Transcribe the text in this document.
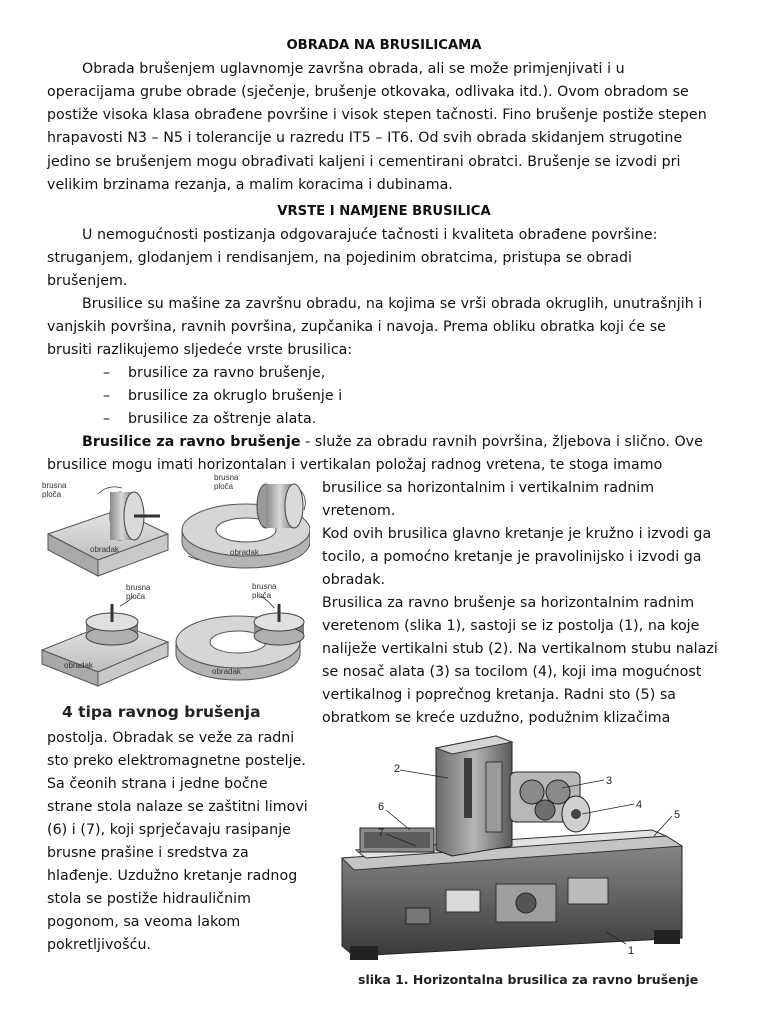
OBRADA NA BRUSILICAMA
Obrada brušenjem uglavnomje završna obrada, ali se može primjenjivati i u
operacijama grube obrade (sječenje, brušenje otkovaka, odlivaka itd.). Ovom obradom se
postiže visoka klasa obrađene površine i visok stepen tačnosti. Fino brušenje postiže stepen
hrapavosti N3 – N5 i tolerancije u razredu IT5 – IT6. Od svih obrada skidanjem strugotine
jedino se brušenjem mogu obrađivati kaljeni i cementirani obratci. Brušenje se izvodi pri
velikim brzinama rezanja, a malim koracima i dubinama.
VRSTE I NAMJENE BRUSILICA
U nemogućnosti postizanja odgovarajuće tačnosti i kvaliteta obrađene površine:
struganjem, glodanjem i rendisanjem, na pojedinim obratcima, pristupa se obradi
brušenjem.
Brusilice su mašine za završnu obradu, na kojima se vrši obrada okruglih, unutrašnjih i
vanjskih površina, ravnih površina, zupčanika i navoja. Prema obliku obratka koji će se
brusiti razlikujemo sljedeće vrste brusilica:
– brusilice za ravno brušenje,
– brusilice za okruglo brušenje i
– brusilice za oštrenje alata.
Brusilice za ravno brušenje - služe za obradu ravnih površina, žljebova i slično. Ove
brusilice mogu imati horizontalan i vertikalan položaj radnog vretena, te stoga imamo
brusilice sa horizontalnim i vertikalnim radnim
vretenom.
Kod ovih brusilica glavno kretanje je kružno i izvodi ga
tocilo, a pomoćno kretanje je pravolinijsko i izvodi ga
obradak.
Brusilica za ravno brušenje sa horizontalnim radnim
veretenom (slika 1), sastoji se iz postolja (1), na koje
naliježe vertikalni stub (2). Na vertikalnom stubu nalazi
se nosač alata (3) sa tocilom (4), koji ima mogućnost
vertikalnog i poprečnog kretanja. Radni sto (5) sa
obratkom se kreće uzdužno, podužnim klizačima
postolja. Obradak se veže za radni
sto preko elektromagnetne postelje.
Sa čeonih strana i jedne bočne
strane stola nalaze se zaštitni limovi
(6) i (7), koji sprječavaju rasipanje
brusne prašine i sredstva za
hlađenje. Uzdužno kretanje radnog
stola se postiže hidrauličnim
pogonom, sa veoma lakom
pokretljivošću.
brusna
ploča
obradak
brusna
ploča
obradak
brusna
ploča
obradak
brusna
ploča
obradak
4 tipa ravnog brušenja
1
2
3
4
5
6
7
slika 1. Horizontalna brusilica za ravno brušenje
